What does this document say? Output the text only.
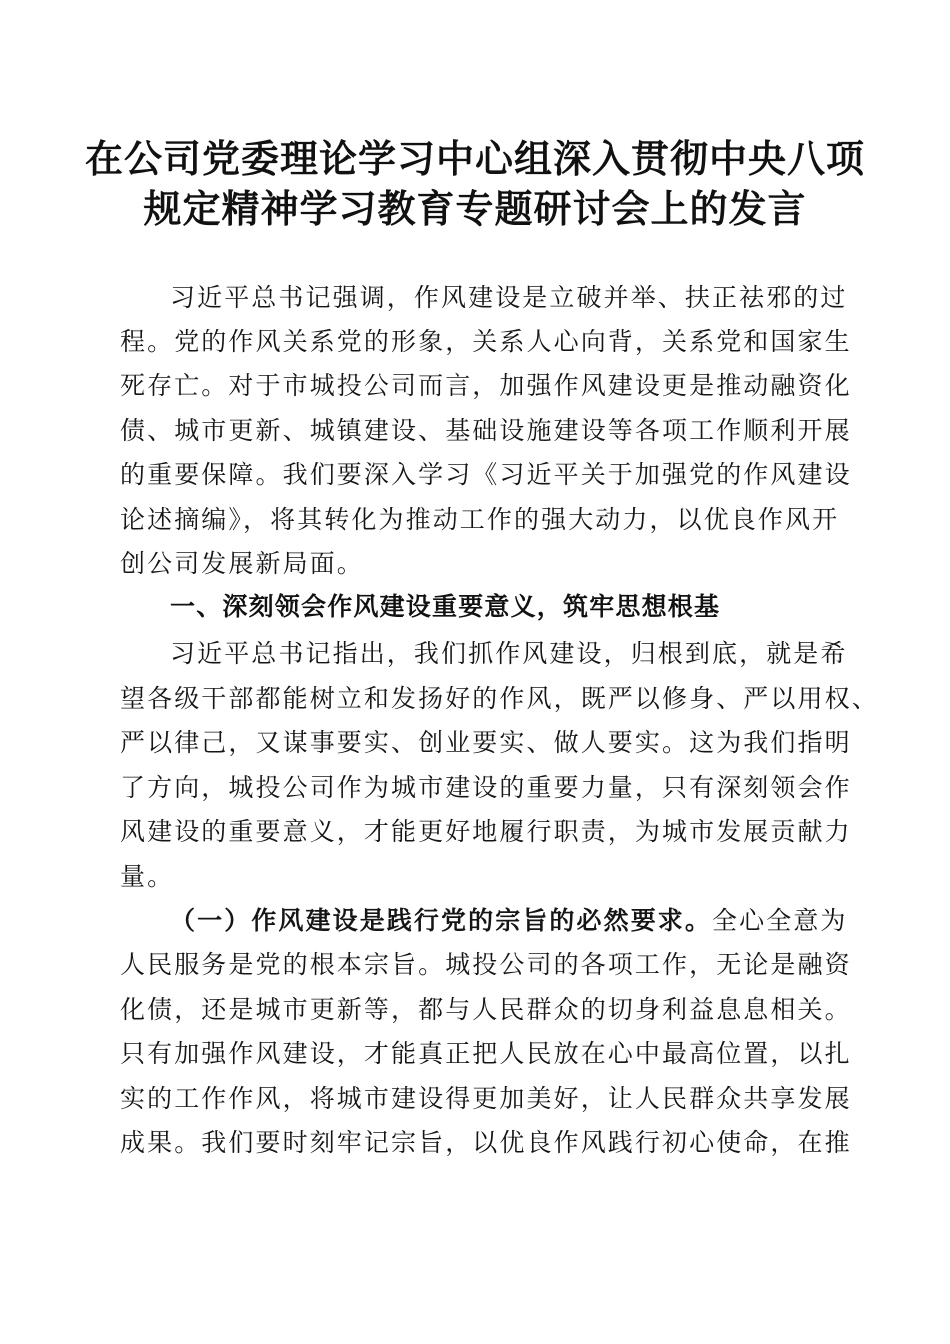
在公司党委理论学习中心组深入贯彻中央八项
规定精神学习教育专题研讨会上的发言
习近平总书记强调，作风建设是立破并举、扶正祛邪的过
程。党的作风关系党的形象，关系人心向背，关系党和国家生
死存亡。对于市城投公司而言，加强作风建设更是推动融资化
债、城市更新、城镇建设、基础设施建设等各项工作顺利开展
的重要保障。我们要深入学习《习近平关于加强党的作风建设
论述摘编》，将其转化为推动工作的强大动力，以优良作风开
创公司发展新局面。
一、深刻领会作风建设重要意义，筑牢思想根基
习近平总书记指出，我们抓作风建设，归根到底，就是希
望各级干部都能树立和发扬好的作风，既严以修身、严以用权、
严以律己，又谋事要实、创业要实、做人要实。这为我们指明
了方向，城投公司作为城市建设的重要力量，只有深刻领会作
风建设的重要意义，才能更好地履行职责，为城市发展贡献力
量。
（一）作风建设是践行党的宗旨的必然要求。全心全意为
人民服务是党的根本宗旨。城投公司的各项工作，无论是融资
化债，还是城市更新等，都与人民群众的切身利益息息相关。
只有加强作风建设，才能真正把人民放在心中最高位置，以扎
实的工作作风，将城市建设得更加美好，让人民群众共享发展
成果。我们要时刻牢记宗旨，以优良作风践行初心使命，在推
